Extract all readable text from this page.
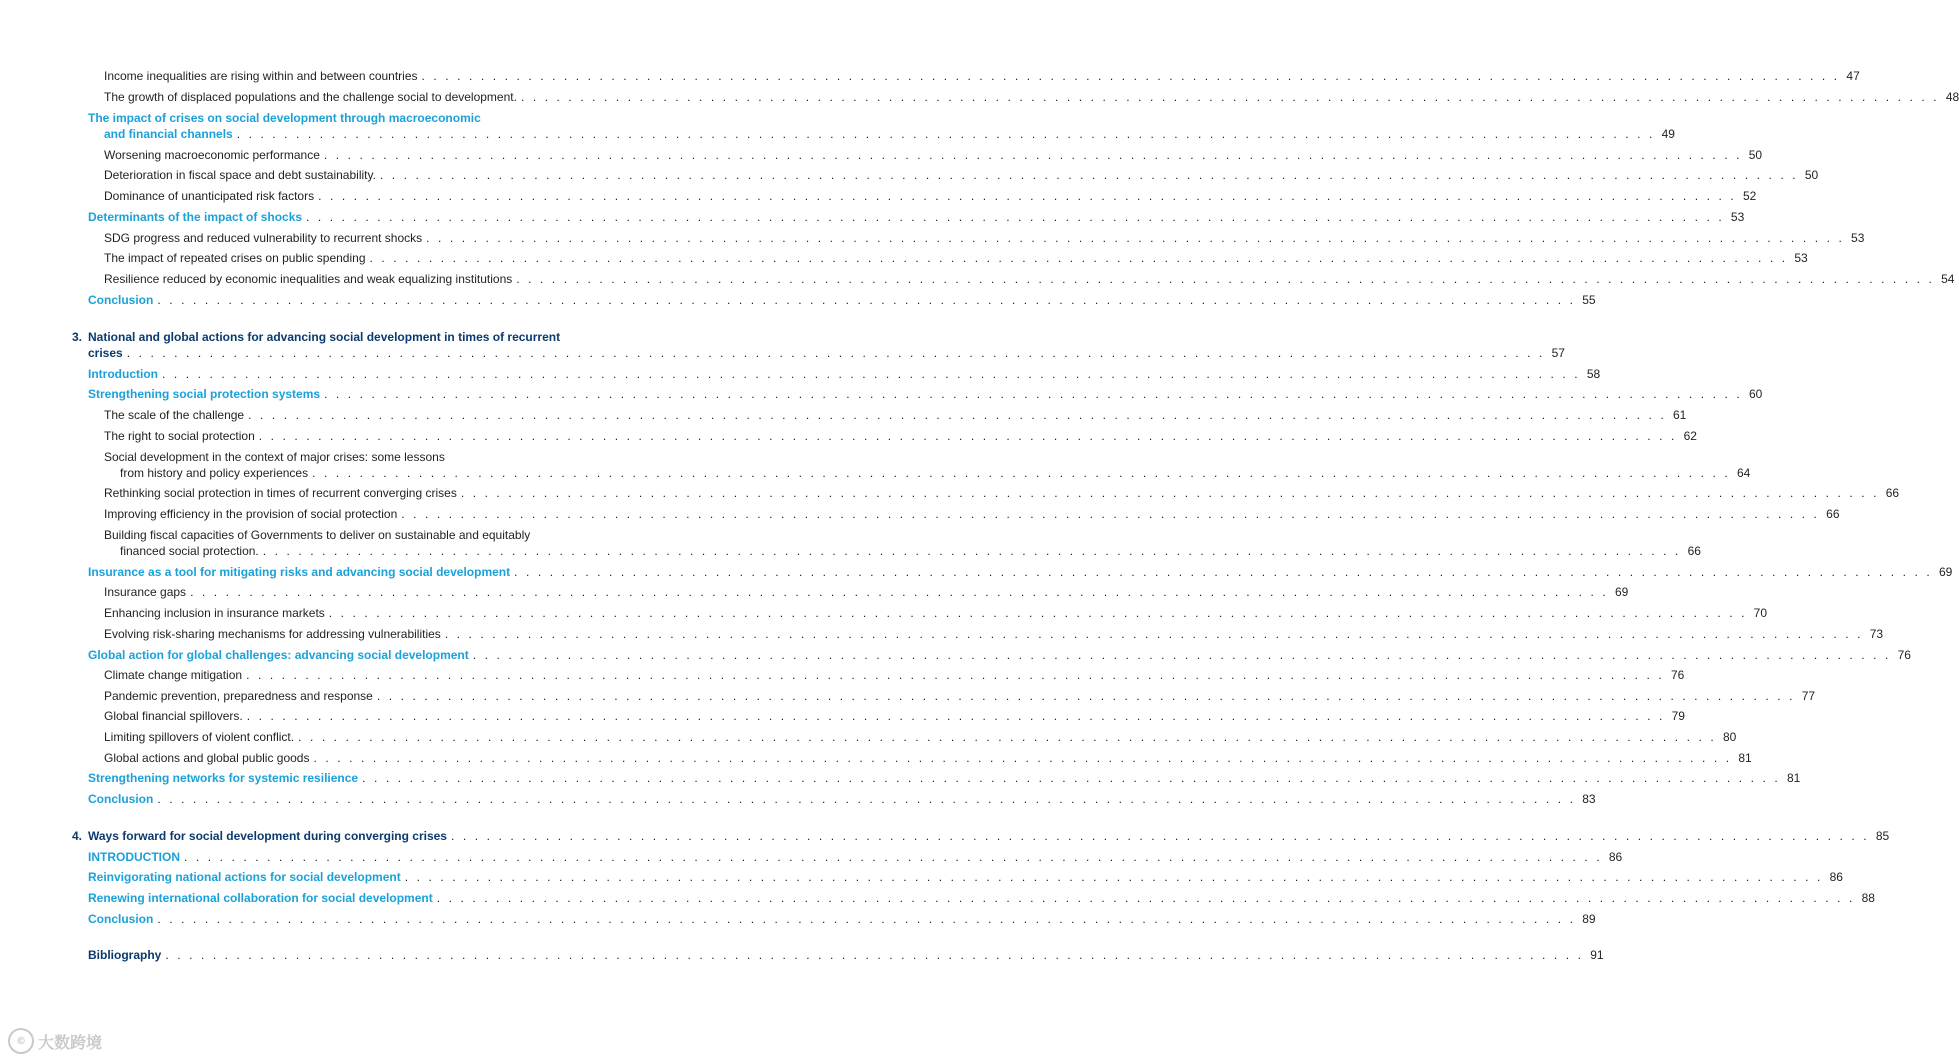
Income inequalities are rising within and between countries . . . . . . . . . . . . . . . . . . . . . . . . . . . . . . . . . . . . . . . . . . . . . . . . . . . . . . . . . . . . . . . . . . . . . . . . . . . . . . . . . . . . . . . . . . . . . . . . . . . . . . . . . . . . . . . . . . . . . . . . 47
The growth of displaced populations and the challenge social to development. . . . . . . . . . . . . . . . . . . . . . . . . . . . . . . . . . . . . . . . . . . . . . . . . . . . . . . . . . . . . . . . . . . . . . . . . . . . . . . . . . . . . . . . . . . . . . . . . . . . . . . . . . . . . . . . . . . . . . . . . 48
The impact of crises on social development through macroeconomic
and financial channels . . . . . . . . . . . . . . . . . . . . . . . . . . . . . . . . . . . . . . . . . . . . . . . . . . . . . . . . . . . . . . . . . . . . . . . . . . . . . . . . . . . . . . . . . . . . . . . . . . . . . . . . . . . . . . . . . . . . . . . . 49
Worsening macroeconomic performance . . . . . . . . . . . . . . . . . . . . . . . . . . . . . . . . . . . . . . . . . . . . . . . . . . . . . . . . . . . . . . . . . . . . . . . . . . . . . . . . . . . . . . . . . . . . . . . . . . . . . . . . . . . . . . . . . . . . . . . . 50
Deterioration in fiscal space and debt sustainability. . . . . . . . . . . . . . . . . . . . . . . . . . . . . . . . . . . . . . . . . . . . . . . . . . . . . . . . . . . . . . . . . . . . . . . . . . . . . . . . . . . . . . . . . . . . . . . . . . . . . . . . . . . . . . . . . . . . . . . . . 50
Dominance of unanticipated risk factors . . . . . . . . . . . . . . . . . . . . . . . . . . . . . . . . . . . . . . . . . . . . . . . . . . . . . . . . . . . . . . . . . . . . . . . . . . . . . . . . . . . . . . . . . . . . . . . . . . . . . . . . . . . . . . . . . . . . . . . . 52
Determinants of the impact of shocks . . . . . . . . . . . . . . . . . . . . . . . . . . . . . . . . . . . . . . . . . . . . . . . . . . . . . . . . . . . . . . . . . . . . . . . . . . . . . . . . . . . . . . . . . . . . . . . . . . . . . . . . . . . . . . . . . . . . . . . . 53
SDG progress and reduced vulnerability to recurrent shocks . . . . . . . . . . . . . . . . . . . . . . . . . . . . . . . . . . . . . . . . . . . . . . . . . . . . . . . . . . . . . . . . . . . . . . . . . . . . . . . . . . . . . . . . . . . . . . . . . . . . . . . . . . . . . . . . . . . . . . . . 53
The impact of repeated crises on public spending . . . . . . . . . . . . . . . . . . . . . . . . . . . . . . . . . . . . . . . . . . . . . . . . . . . . . . . . . . . . . . . . . . . . . . . . . . . . . . . . . . . . . . . . . . . . . . . . . . . . . . . . . . . . . . . . . . . . . . . . 53
Resilience reduced by economic inequalities and weak equalizing institutions . . . . . . . . . . . . . . . . . . . . . . . . . . . . . . . . . . . . . . . . . . . . . . . . . . . . . . . . . . . . . . . . . . . . . . . . . . . . . . . . . . . . . . . . . . . . . . . . . . . . . . . . . . . . . . . . . . . . . . . . 54
Conclusion . . . . . . . . . . . . . . . . . . . . . . . . . . . . . . . . . . . . . . . . . . . . . . . . . . . . . . . . . . . . . . . . . . . . . . . . . . . . . . . . . . . . . . . . . . . . . . . . . . . . . . . . . . . . . . . . . . . . . . . . 55
3. National and global actions for advancing social development in times of recurrent
crises . . . . . . . . . . . . . . . . . . . . . . . . . . . . . . . . . . . . . . . . . . . . . . . . . . . . . . . . . . . . . . . . . . . . . . . . . . . . . . . . . . . . . . . . . . . . . . . . . . . . . . . . . . . . . . . . . . . . . . . . 57
Introduction . . . . . . . . . . . . . . . . . . . . . . . . . . . . . . . . . . . . . . . . . . . . . . . . . . . . . . . . . . . . . . . . . . . . . . . . . . . . . . . . . . . . . . . . . . . . . . . . . . . . . . . . . . . . . . . . . . . . . . . . 58
Strengthening social protection systems . . . . . . . . . . . . . . . . . . . . . . . . . . . . . . . . . . . . . . . . . . . . . . . . . . . . . . . . . . . . . . . . . . . . . . . . . . . . . . . . . . . . . . . . . . . . . . . . . . . . . . . . . . . . . . . . . . . . . . . . 60
The scale of the challenge . . . . . . . . . . . . . . . . . . . . . . . . . . . . . . . . . . . . . . . . . . . . . . . . . . . . . . . . . . . . . . . . . . . . . . . . . . . . . . . . . . . . . . . . . . . . . . . . . . . . . . . . . . . . . . . . . . . . . . . . 61
The right to social protection . . . . . . . . . . . . . . . . . . . . . . . . . . . . . . . . . . . . . . . . . . . . . . . . . . . . . . . . . . . . . . . . . . . . . . . . . . . . . . . . . . . . . . . . . . . . . . . . . . . . . . . . . . . . . . . . . . . . . . . . 62
Social development in the context of major crises: some lessons
from history and policy experiences . . . . . . . . . . . . . . . . . . . . . . . . . . . . . . . . . . . . . . . . . . . . . . . . . . . . . . . . . . . . . . . . . . . . . . . . . . . . . . . . . . . . . . . . . . . . . . . . . . . . . . . . . . . . . . . . . . . . . . . . 64
Rethinking social protection in times of recurrent converging crises . . . . . . . . . . . . . . . . . . . . . . . . . . . . . . . . . . . . . . . . . . . . . . . . . . . . . . . . . . . . . . . . . . . . . . . . . . . . . . . . . . . . . . . . . . . . . . . . . . . . . . . . . . . . . . . . . . . . . . . . 66
Improving efficiency in the provision of social protection . . . . . . . . . . . . . . . . . . . . . . . . . . . . . . . . . . . . . . . . . . . . . . . . . . . . . . . . . . . . . . . . . . . . . . . . . . . . . . . . . . . . . . . . . . . . . . . . . . . . . . . . . . . . . . . . . . . . . . . . 66
Building fiscal capacities of Governments to deliver on sustainable and equitably
financed social protection. . . . . . . . . . . . . . . . . . . . . . . . . . . . . . . . . . . . . . . . . . . . . . . . . . . . . . . . . . . . . . . . . . . . . . . . . . . . . . . . . . . . . . . . . . . . . . . . . . . . . . . . . . . . . . . . . . . . . . . . . 66
Insurance as a tool for mitigating risks and advancing social development . . . . . . . . . . . . . . . . . . . . . . . . . . . . . . . . . . . . . . . . . . . . . . . . . . . . . . . . . . . . . . . . . . . . . . . . . . . . . . . . . . . . . . . . . . . . . . . . . . . . . . . . . . . . . . . . . . . . . . . . 69
Insurance gaps . . . . . . . . . . . . . . . . . . . . . . . . . . . . . . . . . . . . . . . . . . . . . . . . . . . . . . . . . . . . . . . . . . . . . . . . . . . . . . . . . . . . . . . . . . . . . . . . . . . . . . . . . . . . . . . . . . . . . . . . 69
Enhancing inclusion in insurance markets . . . . . . . . . . . . . . . . . . . . . . . . . . . . . . . . . . . . . . . . . . . . . . . . . . . . . . . . . . . . . . . . . . . . . . . . . . . . . . . . . . . . . . . . . . . . . . . . . . . . . . . . . . . . . . . . . . . . . . . . 70
Evolving risk-sharing mechanisms for addressing vulnerabilities . . . . . . . . . . . . . . . . . . . . . . . . . . . . . . . . . . . . . . . . . . . . . . . . . . . . . . . . . . . . . . . . . . . . . . . . . . . . . . . . . . . . . . . . . . . . . . . . . . . . . . . . . . . . . . . . . . . . . . . . 73
Global action for global challenges: advancing social development . . . . . . . . . . . . . . . . . . . . . . . . . . . . . . . . . . . . . . . . . . . . . . . . . . . . . . . . . . . . . . . . . . . . . . . . . . . . . . . . . . . . . . . . . . . . . . . . . . . . . . . . . . . . . . . . . . . . . . . . 76
Climate change mitigation . . . . . . . . . . . . . . . . . . . . . . . . . . . . . . . . . . . . . . . . . . . . . . . . . . . . . . . . . . . . . . . . . . . . . . . . . . . . . . . . . . . . . . . . . . . . . . . . . . . . . . . . . . . . . . . . . . . . . . . . 76
Pandemic prevention, preparedness and response . . . . . . . . . . . . . . . . . . . . . . . . . . . . . . . . . . . . . . . . . . . . . . . . . . . . . . . . . . . . . . . . . . . . . . . . . . . . . . . . . . . . . . . . . . . . . . . . . . . . . . . . . . . . . . . . . . . . . . . . 77
Global financial spillovers. . . . . . . . . . . . . . . . . . . . . . . . . . . . . . . . . . . . . . . . . . . . . . . . . . . . . . . . . . . . . . . . . . . . . . . . . . . . . . . . . . . . . . . . . . . . . . . . . . . . . . . . . . . . . . . . . . . . . . . . . 79
Limiting spillovers of violent conflict. . . . . . . . . . . . . . . . . . . . . . . . . . . . . . . . . . . . . . . . . . . . . . . . . . . . . . . . . . . . . . . . . . . . . . . . . . . . . . . . . . . . . . . . . . . . . . . . . . . . . . . . . . . . . . . . . . . . . . . . . 80
Global actions and global public goods . . . . . . . . . . . . . . . . . . . . . . . . . . . . . . . . . . . . . . . . . . . . . . . . . . . . . . . . . . . . . . . . . . . . . . . . . . . . . . . . . . . . . . . . . . . . . . . . . . . . . . . . . . . . . . . . . . . . . . . . 81
Strengthening networks for systemic resilience . . . . . . . . . . . . . . . . . . . . . . . . . . . . . . . . . . . . . . . . . . . . . . . . . . . . . . . . . . . . . . . . . . . . . . . . . . . . . . . . . . . . . . . . . . . . . . . . . . . . . . . . . . . . . . . . . . . . . . . . 81
Conclusion . . . . . . . . . . . . . . . . . . . . . . . . . . . . . . . . . . . . . . . . . . . . . . . . . . . . . . . . . . . . . . . . . . . . . . . . . . . . . . . . . . . . . . . . . . . . . . . . . . . . . . . . . . . . . . . . . . . . . . . . 83
4. Ways forward for social development during converging crises . . . . . . . . . . . . . . . . . . . . . . . . . . . . . . . . . . . . . . . . . . . . . . . . . . . . . . . . . . . . . . . . . . . . . . . . . . . . . . . . . . . . . . . . . . . . . . . . . . . . . . . . . . . . . . . . . . . . . . . . 85
INTRODUCTION . . . . . . . . . . . . . . . . . . . . . . . . . . . . . . . . . . . . . . . . . . . . . . . . . . . . . . . . . . . . . . . . . . . . . . . . . . . . . . . . . . . . . . . . . . . . . . . . . . . . . . . . . . . . . . . . . . . . . . . . 86
Reinvigorating national actions for social development . . . . . . . . . . . . . . . . . . . . . . . . . . . . . . . . . . . . . . . . . . . . . . . . . . . . . . . . . . . . . . . . . . . . . . . . . . . . . . . . . . . . . . . . . . . . . . . . . . . . . . . . . . . . . . . . . . . . . . . . 86
Renewing international collaboration for social development . . . . . . . . . . . . . . . . . . . . . . . . . . . . . . . . . . . . . . . . . . . . . . . . . . . . . . . . . . . . . . . . . . . . . . . . . . . . . . . . . . . . . . . . . . . . . . . . . . . . . . . . . . . . . . . . . . . . . . . . 88
Conclusion . . . . . . . . . . . . . . . . . . . . . . . . . . . . . . . . . . . . . . . . . . . . . . . . . . . . . . . . . . . . . . . . . . . . . . . . . . . . . . . . . . . . . . . . . . . . . . . . . . . . . . . . . . . . . . . . . . . . . . . . 89
Bibliography . . . . . . . . . . . . . . . . . . . . . . . . . . . . . . . . . . . . . . . . . . . . . . . . . . . . . . . . . . . . . . . . . . . . . . . . . . . . . . . . . . . . . . . . . . . . . . . . . . . . . . . . . . . . . . . . . . . . . . . . 91
© 大数跨境
